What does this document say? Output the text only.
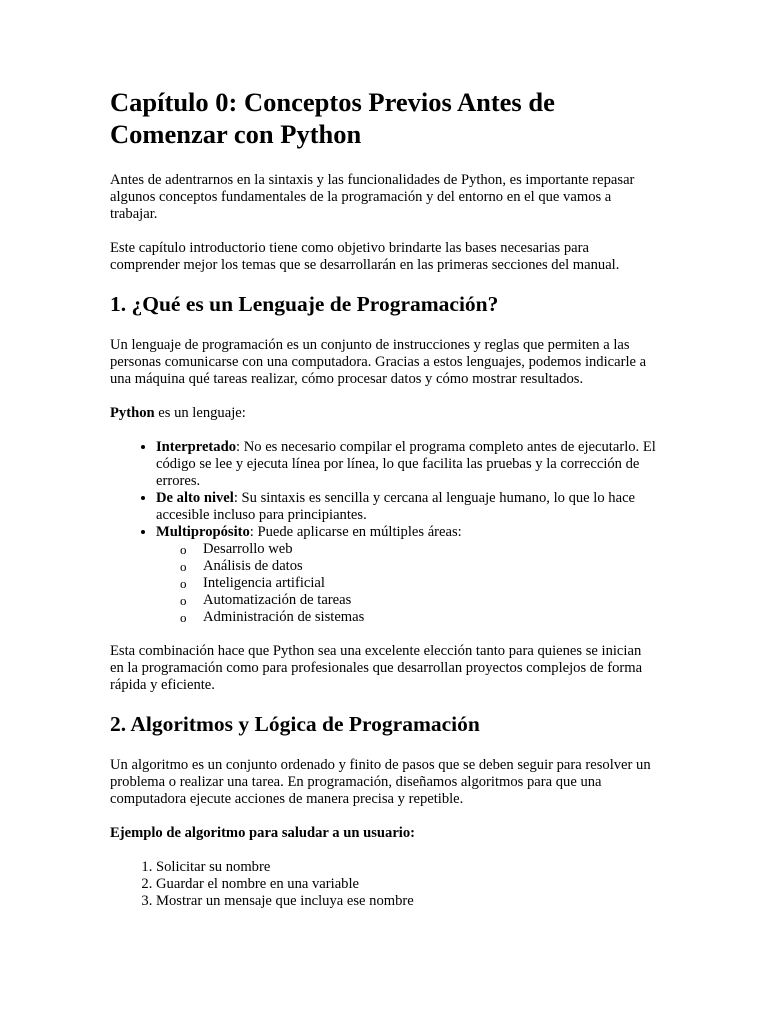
Capítulo 0: Conceptos Previos Antes de Comenzar con Python

Antes de adentrarnos en la sintaxis y las funcionalidades de Python, es importante repasar algunos conceptos fundamentales de la programación y del entorno en el que vamos a trabajar.

Este capítulo introductorio tiene como objetivo brindarte las bases necesarias para comprender mejor los temas que se desarrollarán en las primeras secciones del manual.

1. ¿Qué es un Lenguaje de Programación?

Un lenguaje de programación es un conjunto de instrucciones y reglas que permiten a las personas comunicarse con una computadora. Gracias a estos lenguajes, podemos indicarle a una máquina qué tareas realizar, cómo procesar datos y cómo mostrar resultados.

Python es un lenguaje:

• Interpretado: No es necesario compilar el programa completo antes de ejecutarlo. El código se lee y ejecuta línea por línea, lo que facilita las pruebas y la corrección de errores.
• De alto nivel: Su sintaxis es sencilla y cercana al lenguaje humano, lo que lo hace accesible incluso para principiantes.
• Multipropósito: Puede aplicarse en múltiples áreas:
o Desarrollo web
o Análisis de datos
o Inteligencia artificial
o Automatización de tareas
o Administración de sistemas

Esta combinación hace que Python sea una excelente elección tanto para quienes se inician en la programación como para profesionales que desarrollan proyectos complejos de forma rápida y eficiente.

2. Algoritmos y Lógica de Programación

Un algoritmo es un conjunto ordenado y finito de pasos que se deben seguir para resolver un problema o realizar una tarea. En programación, diseñamos algoritmos para que una computadora ejecute acciones de manera precisa y repetible.

Ejemplo de algoritmo para saludar a un usuario:

1. Solicitar su nombre
2. Guardar el nombre en una variable
3. Mostrar un mensaje que incluya ese nombre
